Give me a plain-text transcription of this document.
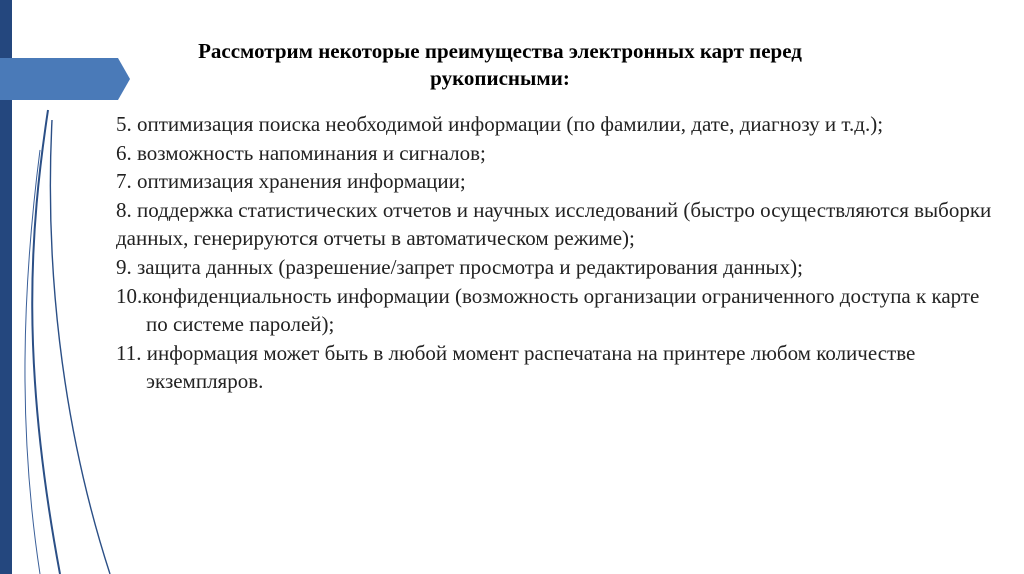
Рассмотрим некоторые преимущества электронных карт перед
рукописными:

5. оптимизация поиска необходимой информации (по фамилии, дате, диагнозу и т.д.);

6. возможность напоминания и сигналов;

7. оптимизация хранения информации;

8. поддержка статистических отчетов и научных исследований (быстро осуществляются выборки данных, генерируются отчеты в автоматическом режиме);

9. защита данных (разрешение/запрет просмотра и редактирования данных);

10.конфиденциальность информации (возможность организации ограниченного доступа к карте по системе паролей);

11. информация может быть в любой момент распечатана на принтере любом количестве экземпляров.
